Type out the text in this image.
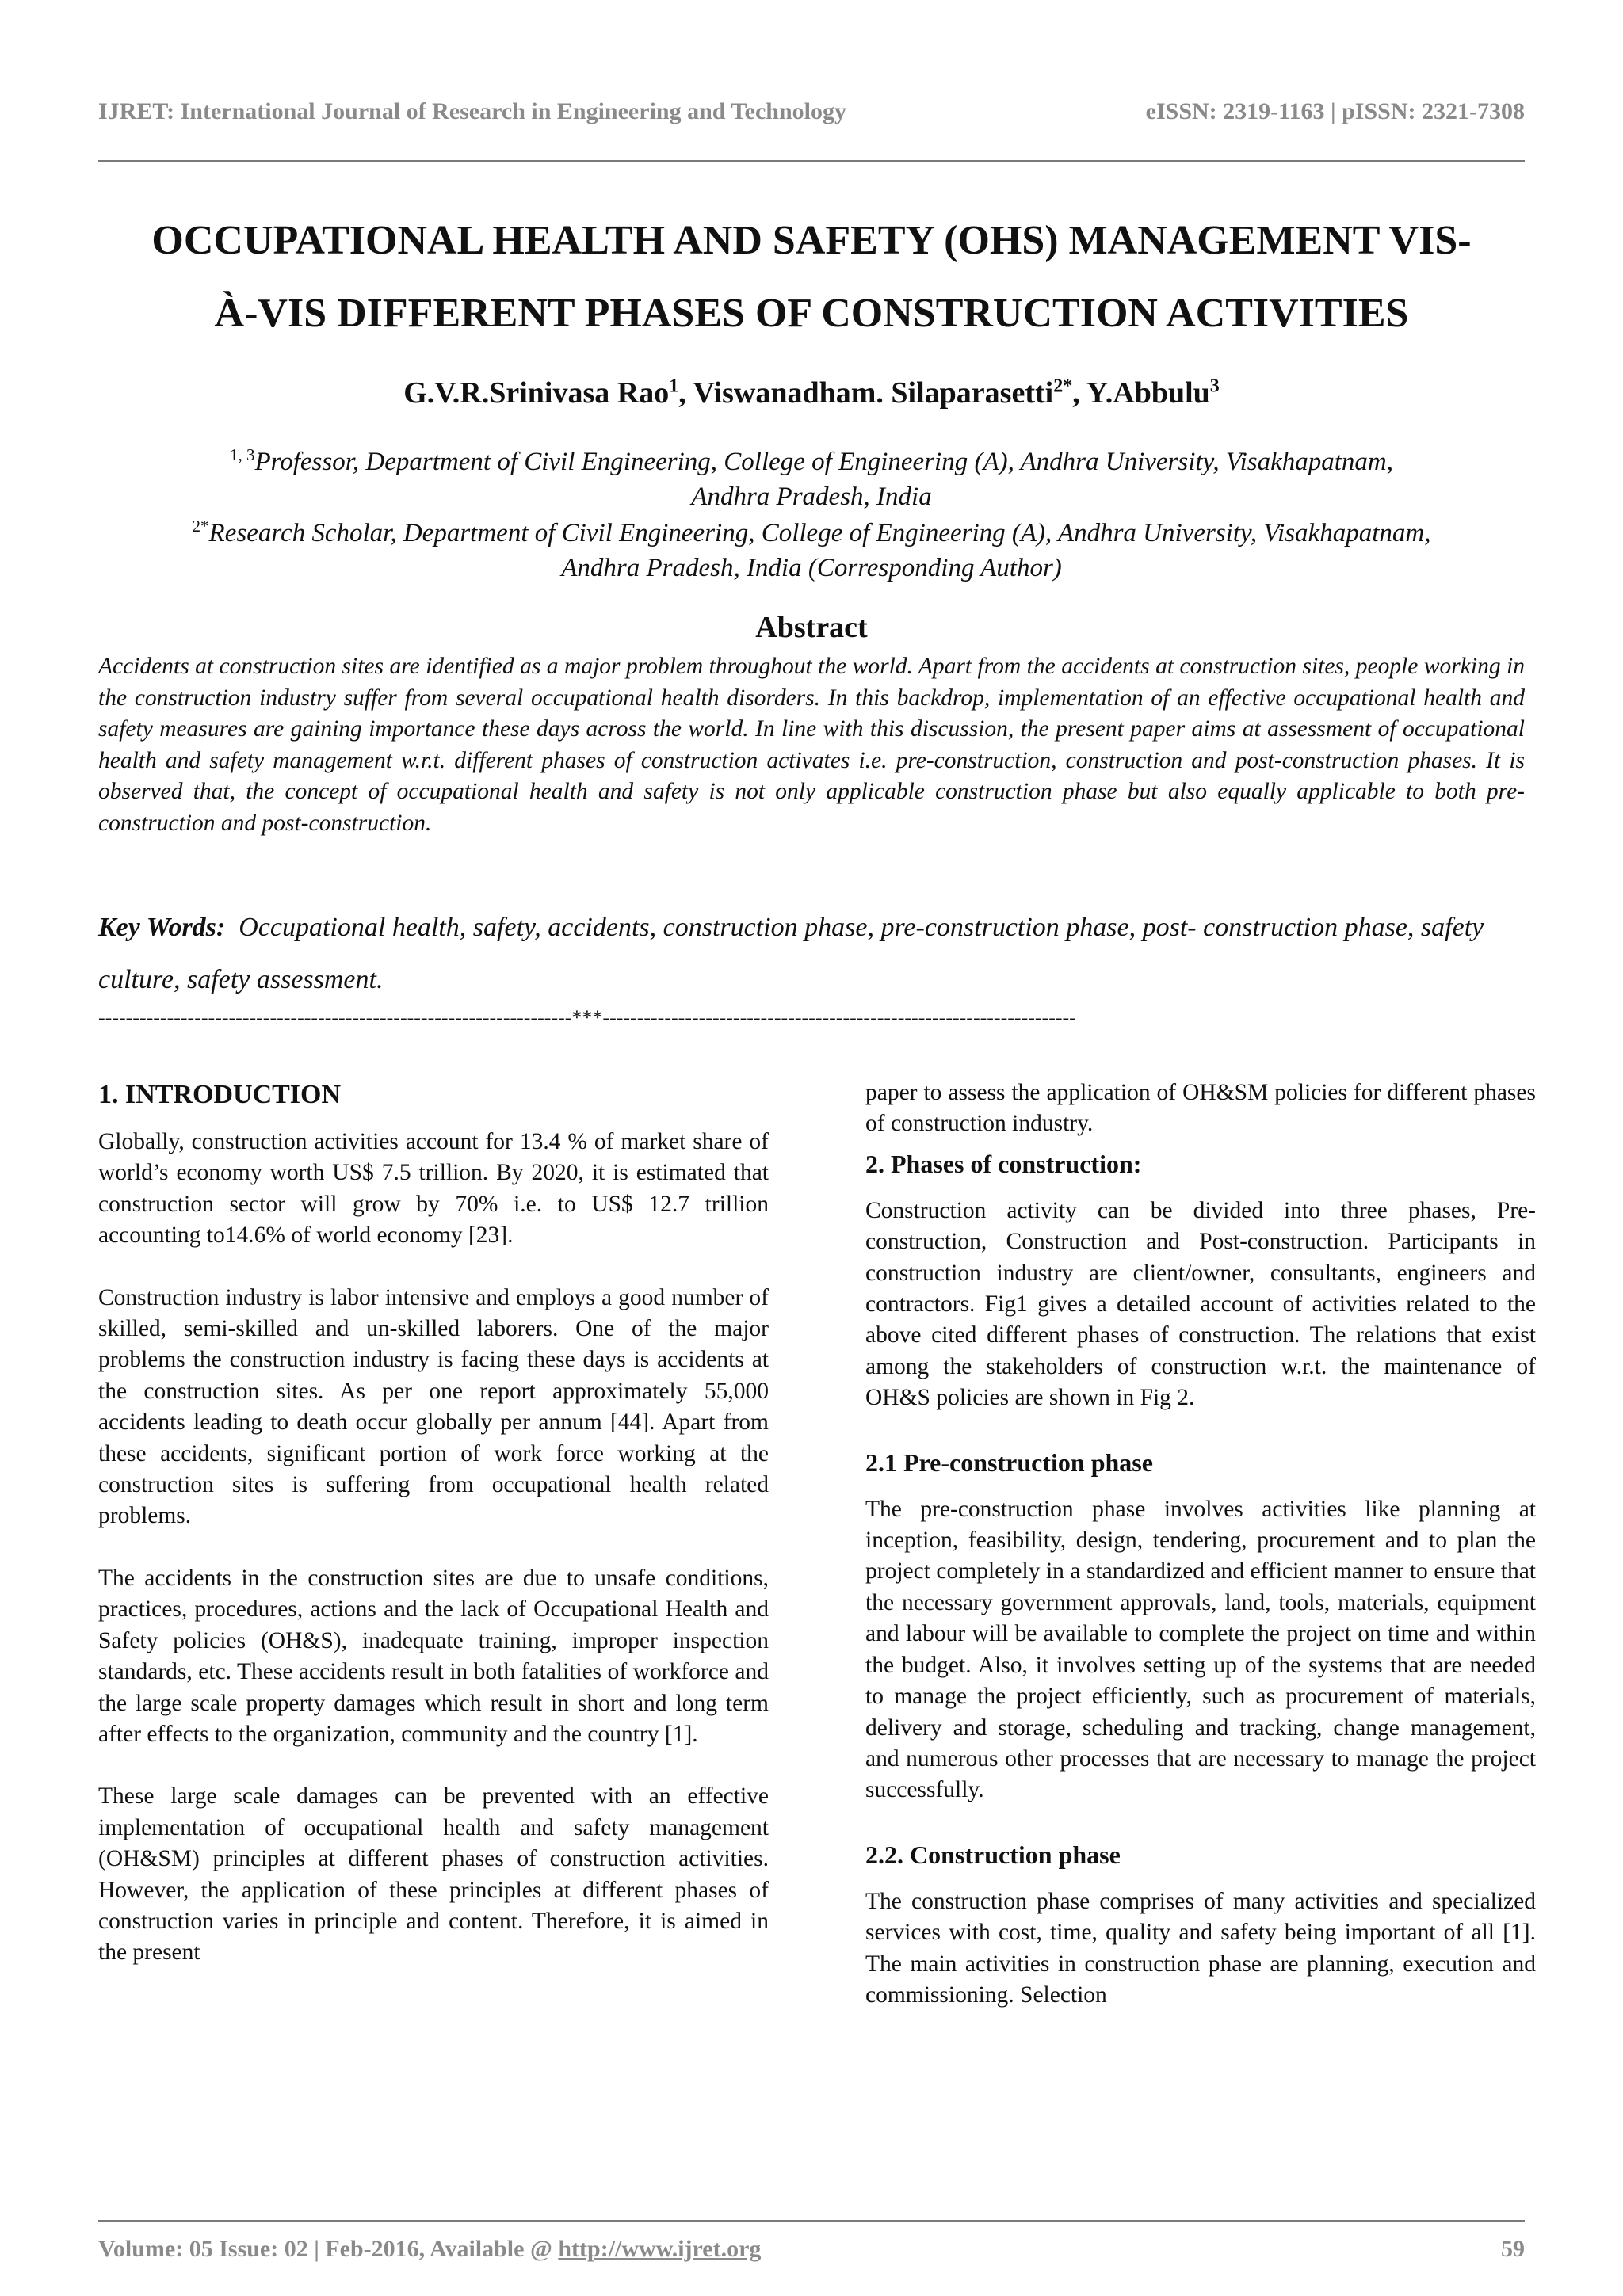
IJRET: International Journal of Research in Engineering and Technology	eISSN: 2319-1163 | pISSN: 2321-7308
OCCUPATIONAL HEALTH AND SAFETY (OHS) MANAGEMENT VIS-
À-VIS DIFFERENT PHASES OF CONSTRUCTION ACTIVITIES

G.V.R.Srinivasa Rao$^1$, Viswanadham. Silaparasetti$^{2*}$, Y.Abbulu$^3$

$^{1, 3}$Professor, Department of Civil Engineering, College of Engineering (A), Andhra University, Visakhapatnam,
Andhra Pradesh, India

$^{2*}$Research Scholar, Department of Civil Engineering, College of Engineering (A), Andhra University, Visakhapatnam,
Andhra Pradesh, India (Corresponding Author)

Abstract

Accidents at construction sites are identified as a major problem throughout the world. Apart from the accidents at construction sites, people working in the construction industry suffer from several occupational health disorders. In this backdrop, implementation of an effective occupational health and safety measures are gaining importance these days across the world. In line with this discussion, the present paper aims at assessment of occupational health and safety management w.r.t. different phases of construction activates i.e. pre-construction, construction and post-construction phases. It is observed that, the concept of occupational health and safety is not only applicable construction phase but also equally applicable to both pre-construction and post-construction.

Key Words: Occupational health, safety, accidents, construction phase, pre-construction phase, post- construction phase, safety culture, safety assessment.

---------------------------------------------------------------------***---------------------------------------------------------------------
1. INTRODUCTION

Globally, construction activities account for 13.4 % of market share of world’s economy worth US$ 7.5 trillion. By 2020, it is estimated that construction sector will grow by 70% i.e. to US$ 12.7 trillion accounting to14.6% of world economy [23].

Construction industry is labor intensive and employs a good number of skilled, semi-skilled and un-skilled laborers. One of the major problems the construction industry is facing these days is accidents at the construction sites. As per one report approximately 55,000 accidents leading to death occur globally per annum [44]. Apart from these accidents, significant portion of work force working at the construction sites is suffering from occupational health related problems.

The accidents in the construction sites are due to unsafe conditions, practices, procedures, actions and the lack of Occupational Health and Safety policies (OH&S), inadequate training, improper inspection standards, etc. These accidents result in both fatalities of workforce and the large scale property damages which result in short and long term after effects to the organization, community and the country [1].

These large scale damages can be prevented with an effective implementation of occupational health and safety management (OH&SM) principles at different phases of construction activities. However, the application of these principles at different phases of construction varies in principle and content. Therefore, it is aimed in the present

paper to assess the application of OH&SM policies for different phases of construction industry.

2. Phases of construction:

Construction activity can be divided into three phases, Pre-construction, Construction and Post-construction. Participants in construction industry are client/owner, consultants, engineers and contractors. Fig1 gives a detailed account of activities related to the above cited different phases of construction. The relations that exist among the stakeholders of construction w.r.t. the maintenance of OH&S policies are shown in Fig 2.

2.1 Pre-construction phase

The pre-construction phase involves activities like planning at inception, feasibility, design, tendering, procurement and to plan the project completely in a standardized and efficient manner to ensure that the necessary government approvals, land, tools, materials, equipment and labour will be available to complete the project on time and within the budget. Also, it involves setting up of the systems that are needed to manage the project efficiently, such as procurement of materials, delivery and storage, scheduling and tracking, change management, and numerous other processes that are necessary to manage the project successfully.

2.2. Construction phase

The construction phase comprises of many activities and specialized services with cost, time, quality and safety being important of all [1]. The main activities in construction phase are planning, execution and commissioning. Selection

Volume: 05 Issue: 02 | Feb-2016, Available @ http://www.ijret.org	59
